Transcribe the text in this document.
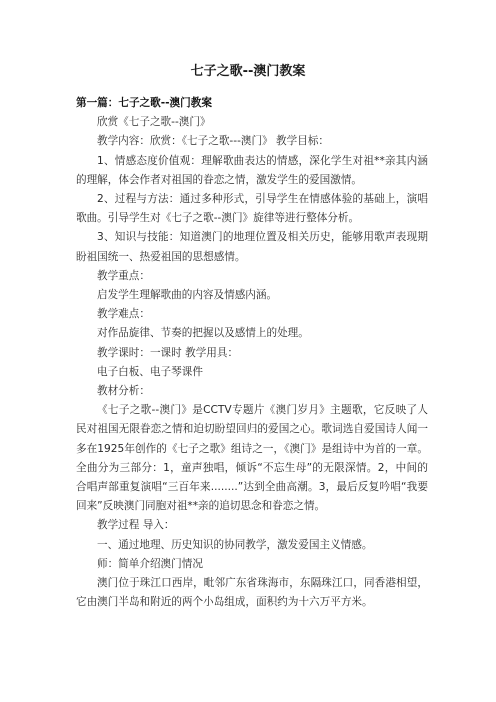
七子之歌--澳门教案

第一篇：七子之歌--澳门教案

欣赏《七子之歌--澳门》

教学内容：欣赏：《七子之歌---澳门》 教学目标：

1、情感态度价值观：理解歌曲表达的情感，深化学生对祖**亲其内涵的理解，体会作者对祖国的眷恋之情，激发学生的爱国激情。

2、过程与方法：通过多种形式，引导学生在情感体验的基础上，演唱歌曲。引导学生对《七子之歌--澳门》旋律等进行整体分析。

3、知识与技能：知道澳门的地理位置及相关历史，能够用歌声表现期盼祖国统一、热爱祖国的思想感情。

教学重点：

启发学生理解歌曲的内容及情感内涵。

教学难点：

对作品旋律、节奏的把握以及感情上的处理。

教学课时：一课时 教学用具：

电子白板、电子琴课件

教材分析：

《七子之歌--澳门》是CCTV专题片《澳门岁月》主题歌，它反映了人民对祖国无限眷恋之情和迫切盼望回归的爱国之心。歌词选自爱国诗人闻一多在1925年创作的《七子之歌》组诗之一，《澳门》是组诗中为首的一章。全曲分为三部分：1，童声独唱，倾诉“不忘生母”的无限深情。2，中间的合唱声部重复演唱“三百年来........”达到全曲高潮。3，最后反复吟唱“我要回来”反映澳门同胞对祖**亲的追切思念和眷恋之情。

教学过程 导入：

一、通过地理、历史知识的协同教学，激发爱国主义情感。

师：简单介绍澳门情况

澳门位于珠江口西岸，毗邻广东省珠海市，东隔珠江口，同香港相望，它由澳门半岛和附近的两个小岛组成，面积约为十六万平方米。
